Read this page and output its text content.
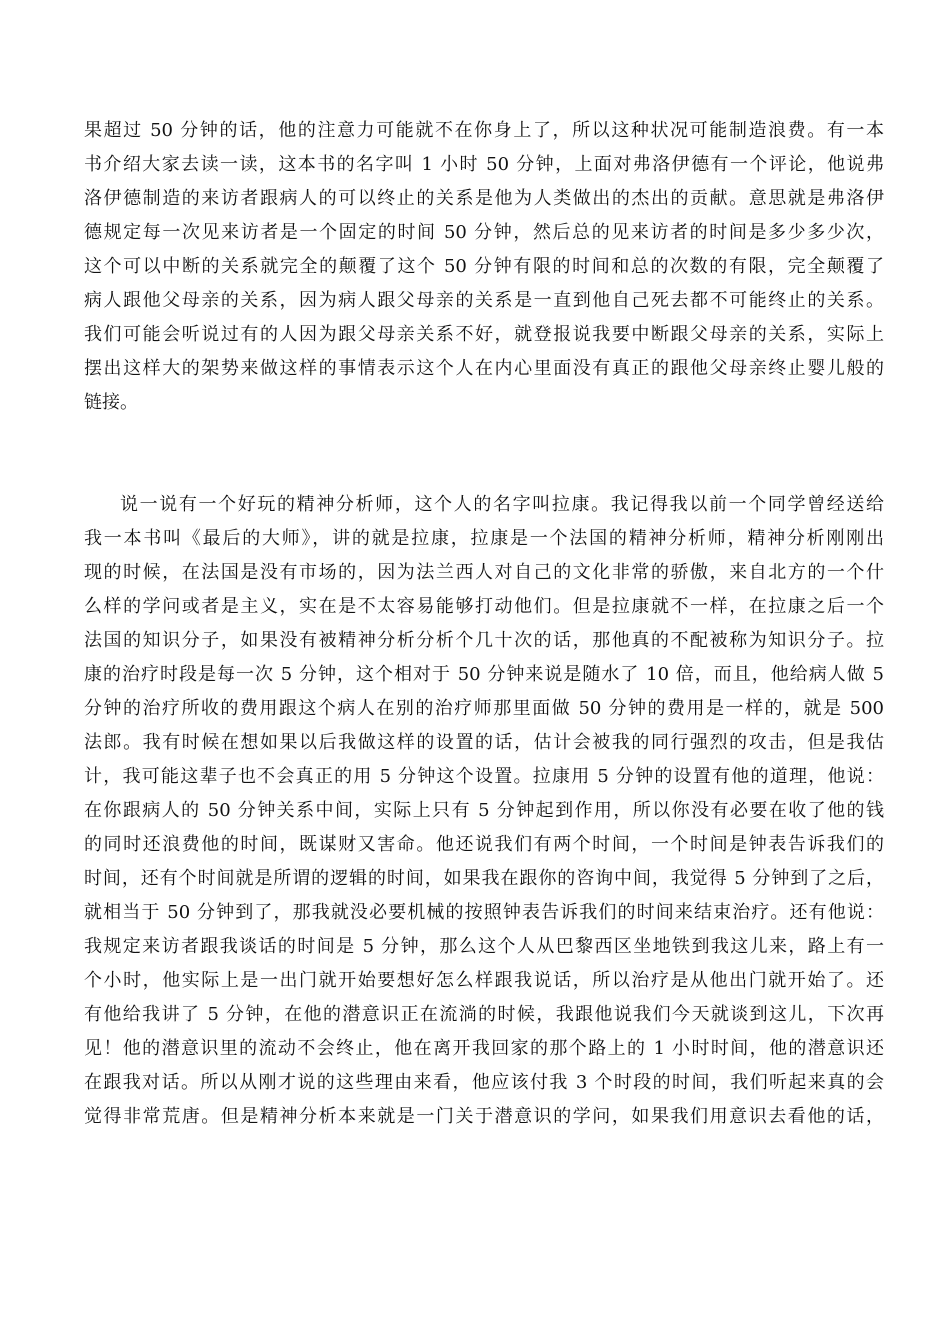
果超过 50 分钟的话，他的注意力可能就不在你身上了，所以这种状况可能制造浪费。有一本
书介绍大家去读一读，这本书的名字叫 1 小时 50 分钟，上面对弗洛伊德有一个评论，他说弗
洛伊德制造的来访者跟病人的可以终止的关系是他为人类做出的杰出的贡献。意思就是弗洛伊
德规定每一次见来访者是一个固定的时间 50 分钟，然后总的见来访者的时间是多少多少次，
这个可以中断的关系就完全的颠覆了这个 50 分钟有限的时间和总的次数的有限，完全颠覆了
病人跟他父母亲的关系，因为病人跟父母亲的关系是一直到他自己死去都不可能终止的关系。
我们可能会听说过有的人因为跟父母亲关系不好，就登报说我要中断跟父母亲的关系，实际上
摆出这样大的架势来做这样的事情表示这个人在内心里面没有真正的跟他父母亲终止婴儿般的
链接。
说一说有一个好玩的精神分析师，这个人的名字叫拉康。我记得我以前一个同学曾经送给
我一本书叫《最后的大师》，讲的就是拉康，拉康是一个法国的精神分析师，精神分析刚刚出
现的时候，在法国是没有市场的，因为法兰西人对自己的文化非常的骄傲，来自北方的一个什
么样的学问或者是主义，实在是不太容易能够打动他们。但是拉康就不一样，在拉康之后一个
法国的知识分子，如果没有被精神分析分析个几十次的话，那他真的不配被称为知识分子。拉
康的治疗时段是每一次 5 分钟，这个相对于 50 分钟来说是随水了 10 倍，而且，他给病人做 5
分钟的治疗所收的费用跟这个病人在别的治疗师那里面做 50 分钟的费用是一样的，就是 500
法郎。我有时候在想如果以后我做这样的设置的话，估计会被我的同行强烈的攻击，但是我估
计，我可能这辈子也不会真正的用 5 分钟这个设置。拉康用 5 分钟的设置有他的道理，他说：
在你跟病人的 50 分钟关系中间，实际上只有 5 分钟起到作用，所以你没有必要在收了他的钱
的同时还浪费他的时间，既谋财又害命。他还说我们有两个时间，一个时间是钟表告诉我们的
时间，还有个时间就是所谓的逻辑的时间，如果我在跟你的咨询中间，我觉得 5 分钟到了之后，
就相当于 50 分钟到了，那我就没必要机械的按照钟表告诉我们的时间来结束治疗。还有他说：
我规定来访者跟我谈话的时间是 5 分钟，那么这个人从巴黎西区坐地铁到我这儿来，路上有一
个小时，他实际上是一出门就开始要想好怎么样跟我说话，所以治疗是从他出门就开始了。还
有他给我讲了 5 分钟，在他的潜意识正在流淌的时候，我跟他说我们今天就谈到这儿，下次再
见！他的潜意识里的流动不会终止，他在离开我回家的那个路上的 1 小时时间，他的潜意识还
在跟我对话。所以从刚才说的这些理由来看，他应该付我 3 个时段的时间，我们听起来真的会
觉得非常荒唐。但是精神分析本来就是一门关于潜意识的学问，如果我们用意识去看他的话，
